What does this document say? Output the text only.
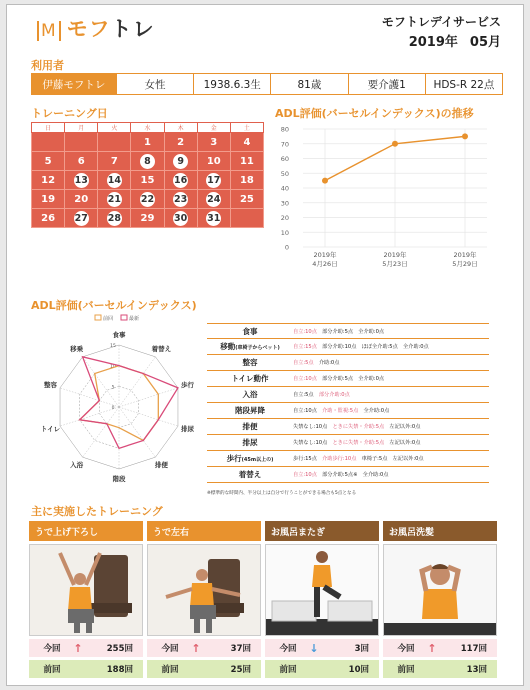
M モフトレ	モフトレデイサービス
2019年 05月
利用者
伊藤モフトレ	女性	1938.6.3生	81歳	要介護1	HDS-R 22点
トレーニング日
日	月	火	水	木	金	土
			1	2	3	4
5	6	7	8	9	10	11
12	13	14	15	16	17	18
19	20	21	22	23	24	25
26	27	28	29	30	31	
ADL評価(バーセルインデックス)の推移
0
10
20
30
40
50
60
70
80
2019年
4月26日
2019年
5月23日
2019年
5月29日
ADL評価(バーセルインデックス)
前回	最新
食事
着替え
歩行
排尿
排便
階段
入浴
トイレ
整容
移乗
0
5
10
15
食事	自立:10点　部分介助:5点　全介助:0点
移動(車椅子からベット)	自立:15点　部分介助:10点　ほぼ全介助:5点　全介助:0点
整容	自立:5点　介助:0点
トイレ動作	自立:10点　部分介助:5点　全介助:0点
入浴	自立:5点　部分介助:0点
階段昇降	自立:10点　介助・監視:5点　全介助:0点
排便	失禁なし:10点　ときに失禁・介助:5点　左記以外:0点
排尿	失禁なし:10点　ときに失禁・介助:5点　左記以外:0点
歩行(45m以上の)	歩行:15点　介助歩行:10点　車椅子:5点　左記以外:0点
着替え	自立:10点　部分介助:5点※　全介助:0点
※標準的な時間内、半分以上は自分で行うことができる場合も5点となる
主に実施したトレーニング
うで上げ下ろし
今回	↑	255回
前回	188回
うで左右
今回	↑	37回
前回	25回
お風呂またぎ
今回	↓	3回
前回	10回
お風呂洗髪
今回	↑	117回
前回	13回
